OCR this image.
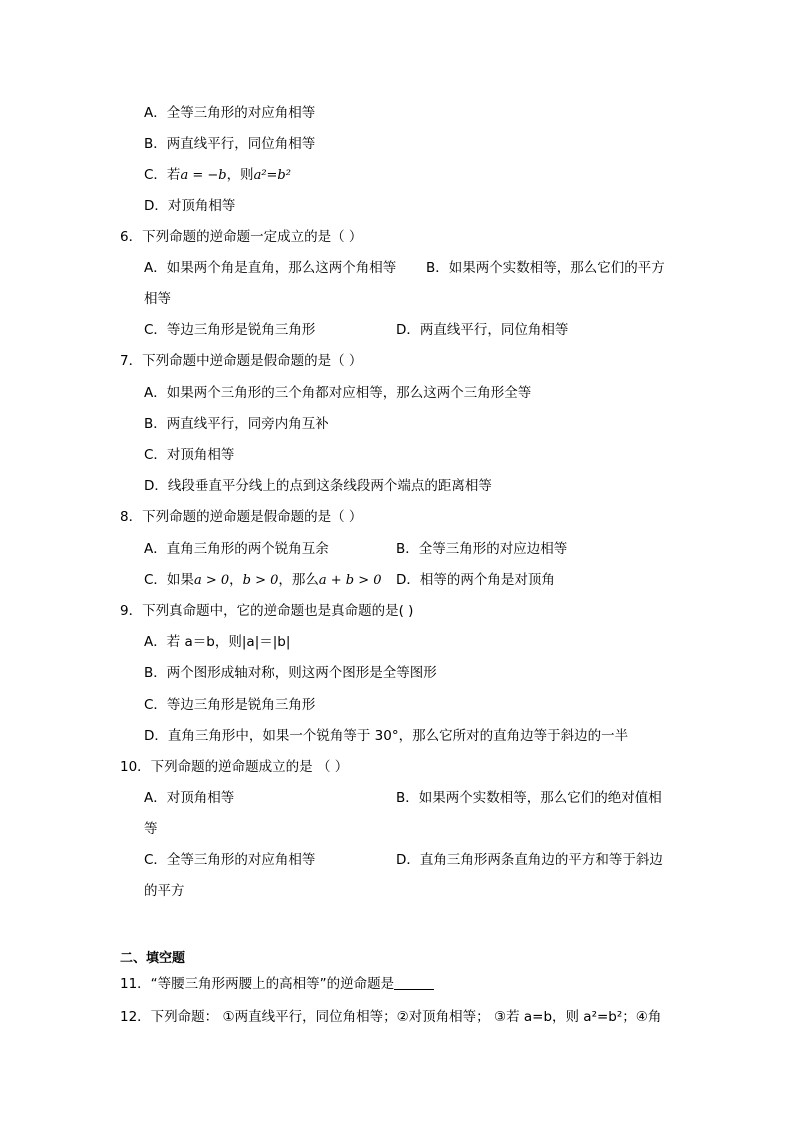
A．全等三角形的对应角相等
B．两直线平行，同位角相等
C．若a = −b，则a²=b²
D．对顶角相等
6．下列命题的逆命题一定成立的是（ ）
A．如果两个角是直角，那么这两个角相等 B．如果两个实数相等，那么它们的平方
相等
C．等边三角形是锐角三角形	D．两直线平行，同位角相等
7．下列命题中逆命题是假命题的是（ ）
A．如果两个三角形的三个角都对应相等，那么这两个三角形全等
B．两直线平行，同旁内角互补
C．对顶角相等
D．线段垂直平分线上的点到这条线段两个端点的距离相等
8．下列命题的逆命题是假命题的是（ ）
A．直角三角形的两个锐角互余	B．全等三角形的对应边相等
C．如果a > 0，b > 0，那么a + b > 0 D．相等的两个角是对顶角
9．下列真命题中，它的逆命题也是真命题的是( )
A．若 a＝b，则|a|＝|b|
B．两个图形成轴对称，则这两个图形是全等图形
C．等边三角形是锐角三角形
D．直角三角形中，如果一个锐角等于 30°，那么它所对的直角边等于斜边的一半
10．下列命题的逆命题成立的是 （ ）
A．对顶角相等	B．如果两个实数相等，那么它们的绝对值相
等
C．全等三角形的对应角相等	D．直角三角形两条直角边的平方和等于斜边
的平方
二、填空题
11．“等腰三角形两腰上的高相等”的逆命题是
12．下列命题： ①两直线平行，同位角相等；②对顶角相等； ③若 a=b，则 a²=b²；④角
